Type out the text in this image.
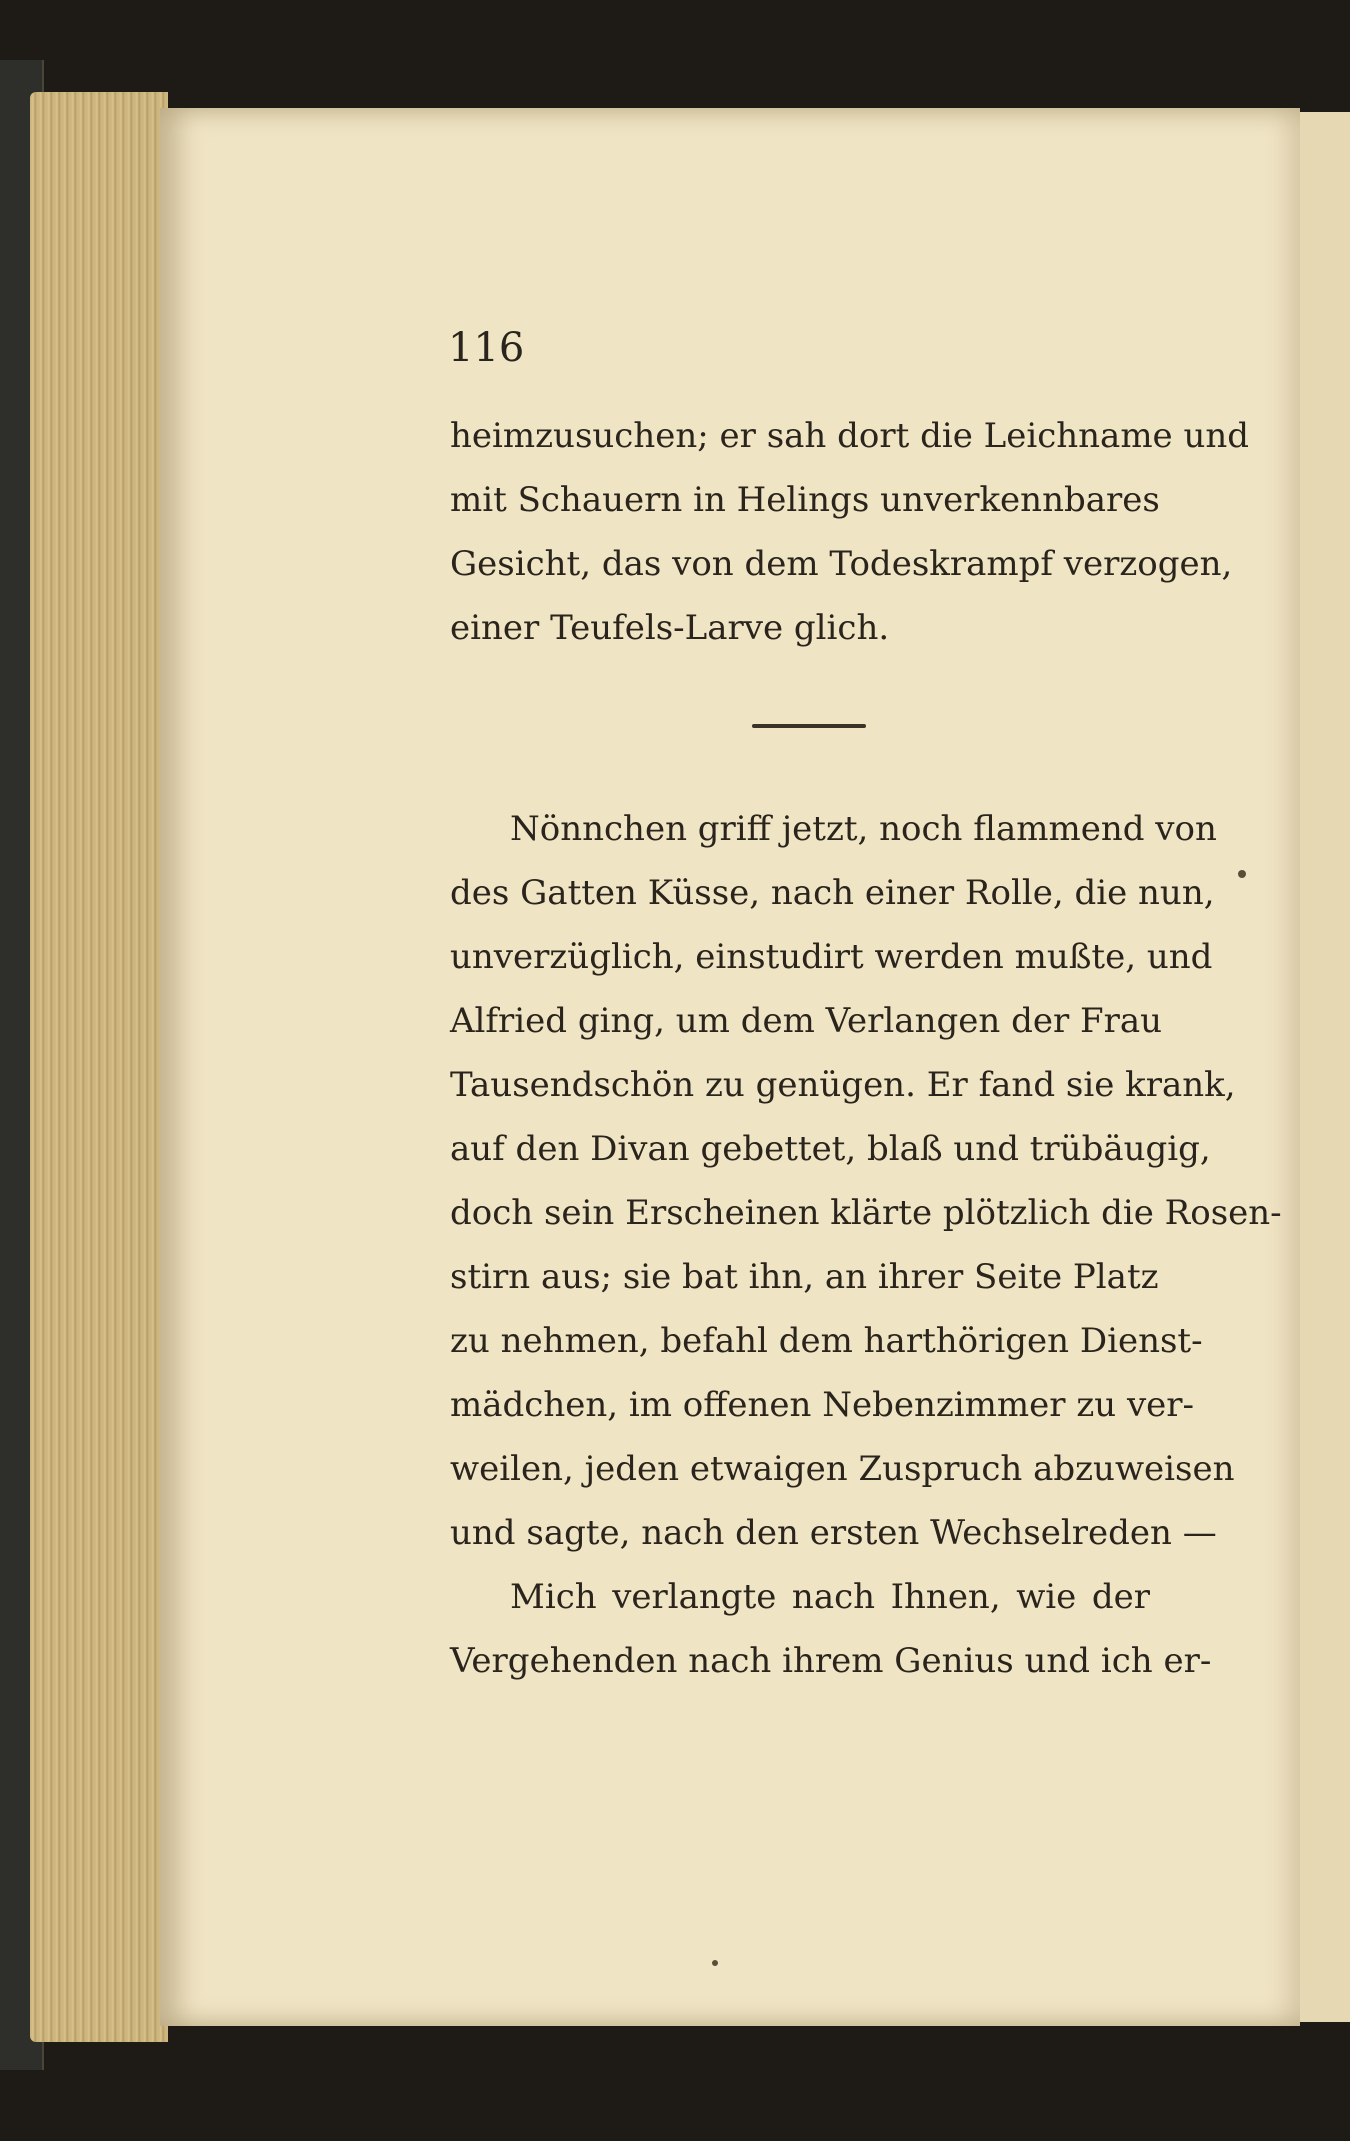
116

heimzusuchen; er sah dort die Leichname und

mit Schauern in Helings unverkennbares

Gesicht, das von dem Todeskrampf verzogen,

einer Teufels-Larve glich.

Nönnchen griff jetzt, noch flammend von

des Gatten Küsse, nach einer Rolle, die nun,

unverzüglich, einstudirt werden mußte, und

Alfried ging, um dem Verlangen der Frau

Tausendschön zu genügen. Er fand sie krank,

auf den Divan gebettet, blaß und trübäugig,

doch sein Erscheinen klärte plötzlich die Rosen-

stirn aus; sie bat ihn, an ihrer Seite Platz

zu nehmen, befahl dem harthörigen Dienst-

mädchen, im offenen Nebenzimmer zu ver-

weilen, jeden etwaigen Zuspruch abzuweisen

und sagte, nach den ersten Wechselreden —

Mich verlangte nach Ihnen, wie der

Vergehenden nach ihrem Genius und ich er-
